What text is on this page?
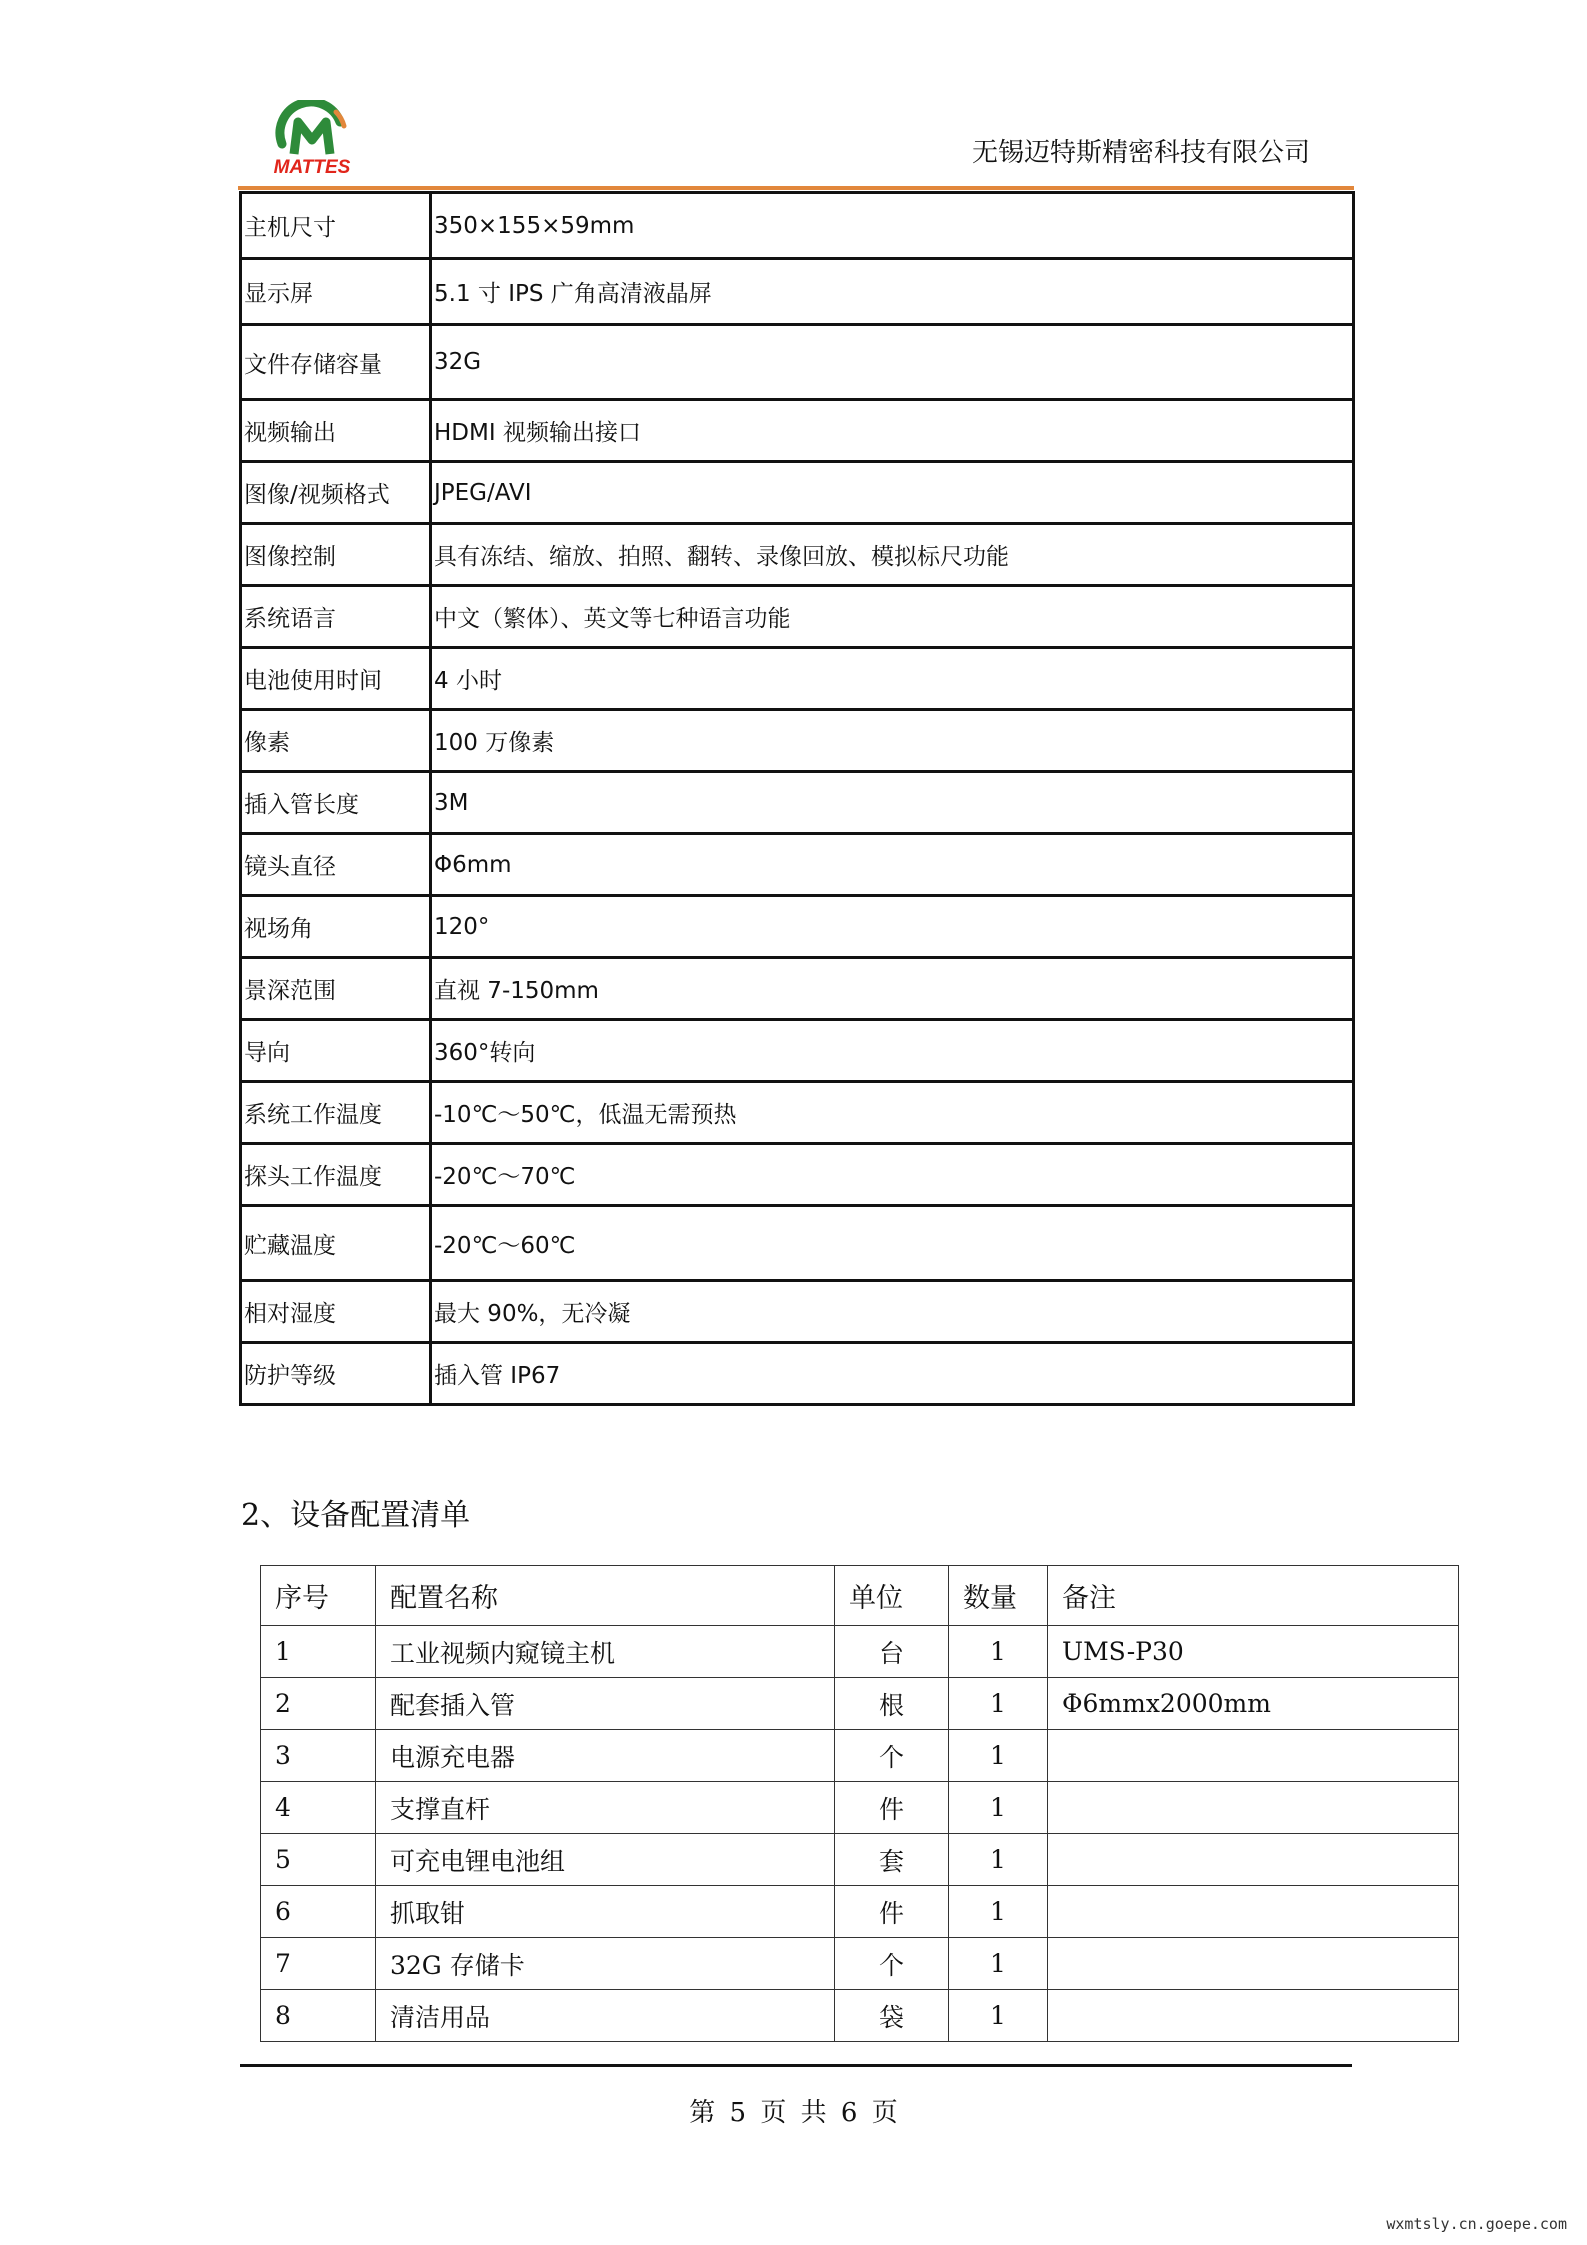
MATTES	无锡迈特斯精密科技有限公司
主机尺寸	350×155×59mm
显示屏	5.1 寸 IPS 广角高清液晶屏
文件存储容量	32G
视频输出	HDMI 视频输出接口
图像/视频格式	JPEG/AVI
图像控制	具有冻结、缩放、拍照、翻转、录像回放、模拟标尺功能
系统语言	中文（繁体）、英文等七种语言功能
电池使用时间	4 小时
像素	100 万像素
插入管长度	3M
镜头直径	Φ6mm
视场角	120°
景深范围	直视 7-150mm
导向	360°转向
系统工作温度	-10℃～50℃，低温无需预热
探头工作温度	-20℃～70℃
贮藏温度	-20℃～60℃
相对湿度	最大 90%，无冷凝
防护等级	插入管 IP67
2、设备配置清单
序号	配置名称	单位	数量	备注
1	工业视频内窥镜主机	台	1	UMS-P30
2	配套插入管	根	1	Φ6mmx2000mm
3	电源充电器	个	1	
4	支撑直杆	件	1	
5	可充电锂电池组	套	1	
6	抓取钳	件	1	
7	32G 存储卡	个	1	
8	清洁用品	袋	1	
第 5 页 共 6 页
wxmtsly.cn.goepe.com
